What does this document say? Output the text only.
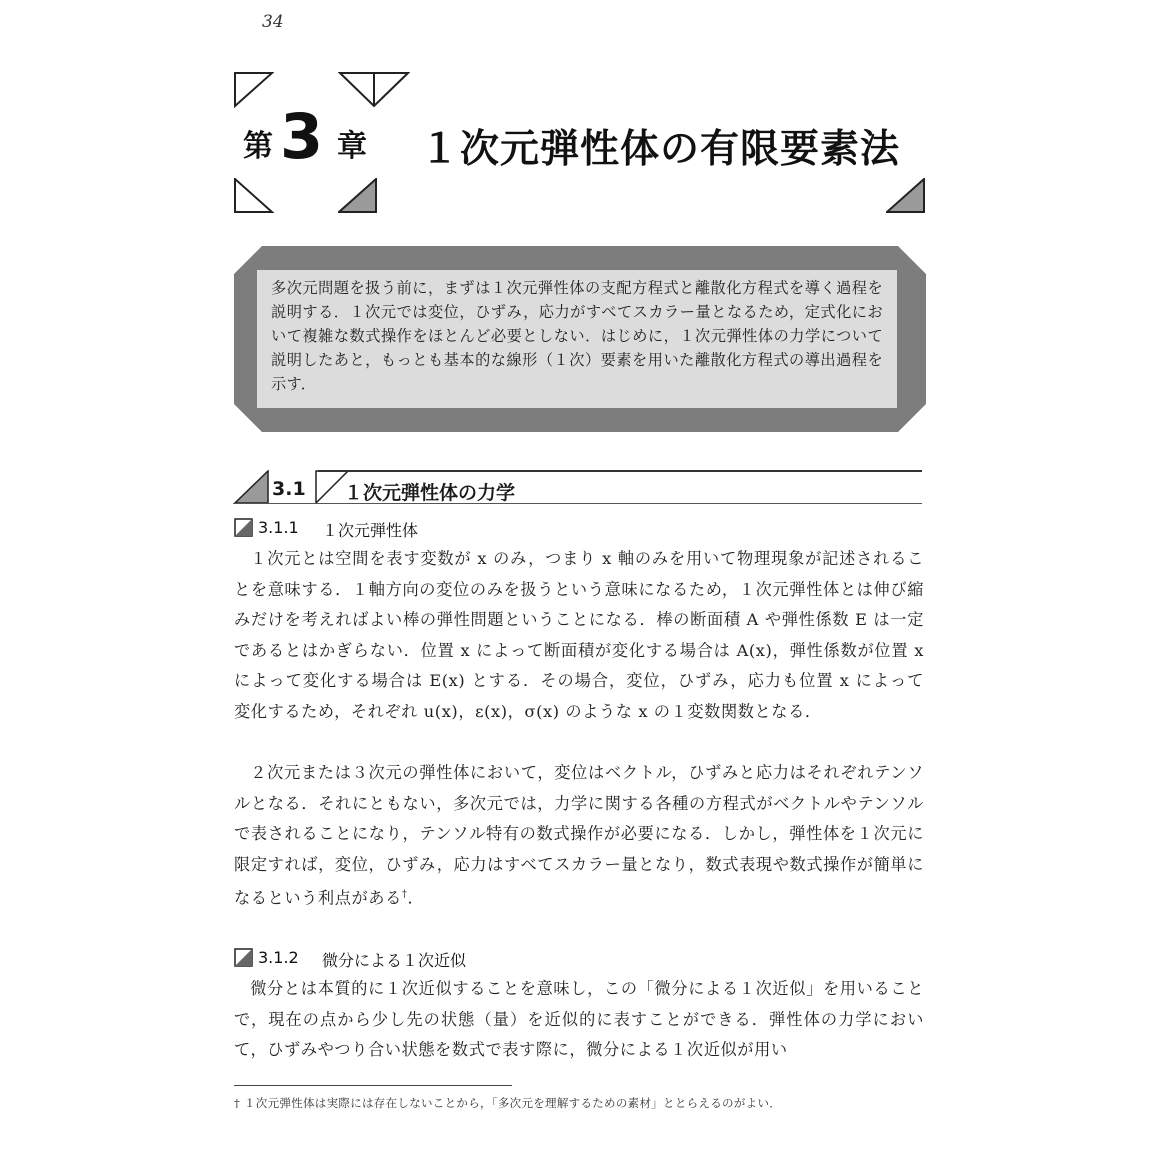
34
第 3 章 １次元弾性体の有限要素法
多次元問題を扱う前に，まずは１次元弾性体の支配方程式と離散化方程式を導く過程を説明する．１次元では変位，ひずみ，応力がすべてスカラー量となるため，定式化において複雑な数式操作をほとんど必要としない．はじめに，１次元弾性体の力学について説明したあと，もっとも基本的な線形（１次）要素を用いた離散化方程式の導出過程を示す．
3.1 １次元弾性体の力学
3.1.1 １次元弾性体
１次元とは空間を表す変数が x のみ，つまり x 軸のみを用いて物理現象が記述されることを意味する．１軸方向の変位のみを扱うという意味になるため，１次元弾性体とは伸び縮みだけを考えればよい棒の弾性問題ということになる．棒の断面積 A や弾性係数 E は一定であるとはかぎらない．位置 x によって断面積が変化する場合は A(x)，弾性係数が位置 x によって変化する場合は E(x) とする．その場合，変位，ひずみ，応力も位置 x によって変化するため，それぞれ u(x)，ε(x)，σ(x) のような x の１変数関数となる．
２次元または３次元の弾性体において，変位はベクトル，ひずみと応力はそれぞれテンソルとなる．それにともない，多次元では，力学に関する各種の方程式がベクトルやテンソルで表されることになり，テンソル特有の数式操作が必要になる．しかし，弾性体を１次元に限定すれば，変位，ひずみ，応力はすべてスカラー量となり，数式表現や数式操作が簡単になるという利点がある†．
3.1.2 微分による１次近似
微分とは本質的に１次近似することを意味し，この「微分による１次近似」を用いることで，現在の点から少し先の状態（量）を近似的に表すことができる．弾性体の力学において，ひずみやつり合い状態を数式で表す際に，微分による１次近似が用い
† １次元弾性体は実際には存在しないことから，「多次元を理解するための素材」ととらえるのがよい．
